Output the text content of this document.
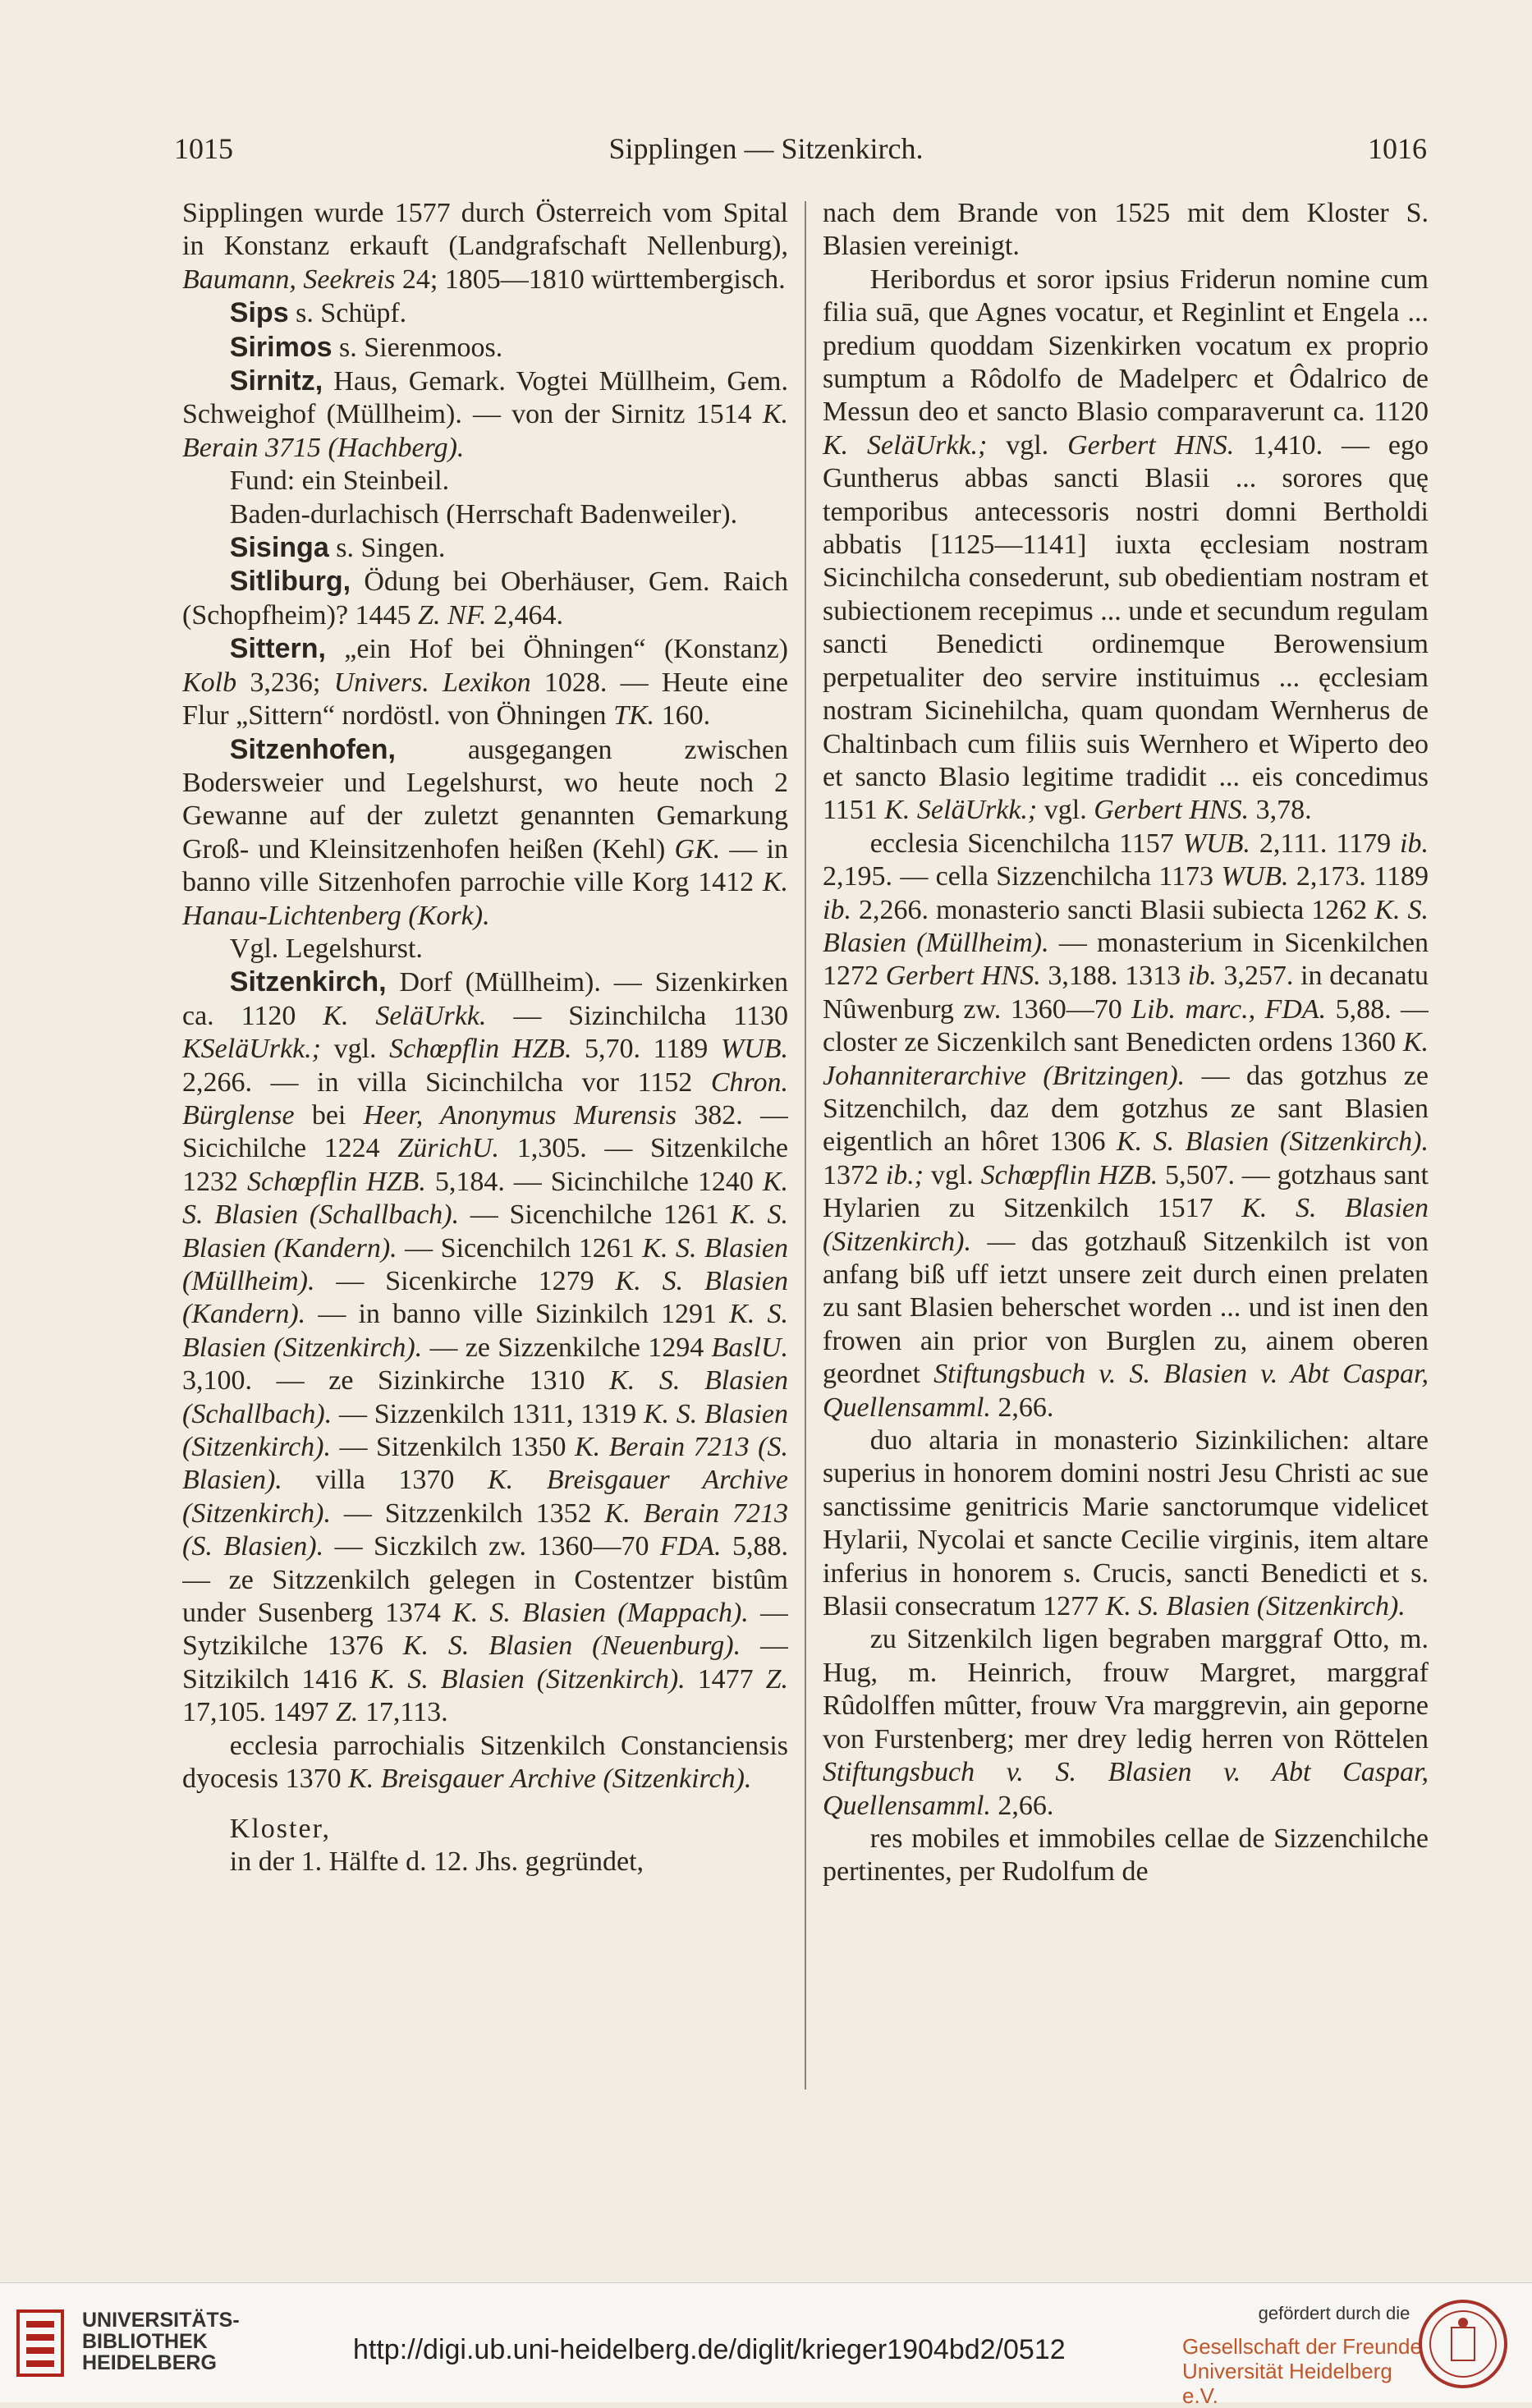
1015	Sipplingen — Sitzenkirch.	1016

Sipplingen wurde 1577 durch Österreich vom Spital in Konstanz erkauft (Landgrafschaft Nellenburg), Baumann, Seekreis 24; 1805—1810 württembergisch.

Sips s. Schüpf.

Sirimos s. Sierenmoos.

Sirnitz, Haus, Gemark. Vogtei Müllheim, Gem. Schweighof (Müllheim). — von der Sirnitz 1514 K. Berain 3715 (Hachberg).

Fund: ein Steinbeil.

Baden-durlachisch (Herrschaft Badenweiler).

Sisinga s. Singen.

Sitliburg, Ödung bei Oberhäuser, Gem. Raich (Schopfheim)? 1445 Z. NF. 2,464.

Sittern, „ein Hof bei Öhningen“ (Konstanz) Kolb 3,236; Univers. Lexikon 1028. — Heute eine Flur „Sittern“ nordöstl. von Öhningen TK. 160.

Sitzenhofen, ausgegangen zwischen Bodersweier und Legelshurst, wo heute noch 2 Gewanne auf der zuletzt genannten Gemarkung Groß- und Kleinsitzenhofen heißen (Kehl) GK. — in banno ville Sitzenhofen parrochie ville Korg 1412 K. Hanau-Lichtenberg (Kork).

Vgl. Legelshurst.

Sitzenkirch, Dorf (Müllheim). — Sizenkirken ca. 1120 K. SeläUrkk. — Sizinchilcha 1130 KSeläUrkk.; vgl. Schœpflin HZB. 5,70. 1189 WUB. 2,266. — in villa Sicinchilcha vor 1152 Chron. Bürglense bei Heer, Anonymus Murensis 382. — Sicichilche 1224 ZürichU. 1,305. — Sitzenkilche 1232 Schœpflin HZB. 5,184. — Sicinchilche 1240 K. S. Blasien (Schallbach). — Sicenchilche 1261 K. S. Blasien (Kandern). — Sicenchilch 1261 K. S. Blasien (Müllheim). — Sicenkirche 1279 K. S. Blasien (Kandern). — in banno ville Sizinkilch 1291 K. S. Blasien (Sitzenkirch). — ze Sizzenkilche 1294 BaslU. 3,100. — ze Sizinkirche 1310 K. S. Blasien (Schallbach). — Sizzenkilch 1311, 1319 K. S. Blasien (Sitzenkirch). — Sitzenkilch 1350 K. Berain 7213 (S. Blasien). villa 1370 K. Breisgauer Archive (Sitzenkirch). — Sitzzenkilch 1352 K. Berain 7213 (S. Blasien). — Siczkilch zw. 1360—70 FDA. 5,88. — ze Sitzzenkilch gelegen in Costentzer bistûm under Susenberg 1374 K. S. Blasien (Mappach). — Sytzikilche 1376 K. S. Blasien (Neuenburg). — Sitzikilch 1416 K. S. Blasien (Sitzenkirch). 1477 Z. 17,105. 1497 Z. 17,113.

ecclesia parrochialis Sitzenkilch Constanciensis dyocesis 1370 K. Breisgauer Archive (Sitzenkirch).

Kloster,

in der 1. Hälfte d. 12. Jhs. gegründet,

nach dem Brande von 1525 mit dem Kloster S. Blasien vereinigt.

Heribordus et soror ipsius Friderun nomine cum filia suā, que Agnes vocatur, et Reginlint et Engela ... predium quoddam Sizenkirken vocatum ex proprio sumptum a Rôdolfo de Madelperc et Ôdalrico de Messun deo et sancto Blasio comparaverunt ca. 1120 K. SeläUrkk.; vgl. Gerbert HNS. 1,410. — ego Guntherus abbas sancti Blasii ... sorores quę temporibus antecessoris nostri domni Bertholdi abbatis [1125—1141] iuxta ęcclesiam nostram Sicinchilcha consederunt, sub obedientiam nostram et subiectionem recepimus ... unde et secundum regulam sancti Benedicti ordinemque Berowensium perpetualiter deo servire instituimus ... ęcclesiam nostram Sicinehilcha, quam quondam Wernherus de Chaltinbach cum filiis suis Wernhero et Wiperto deo et sancto Blasio legitime tradidit ... eis concedimus 1151 K. SeläUrkk.; vgl. Gerbert HNS. 3,78.

ecclesia Sicenchilcha 1157 WUB. 2,111. 1179 ib. 2,195. — cella Sizzenchilcha 1173 WUB. 2,173. 1189 ib. 2,266. monasterio sancti Blasii subiecta 1262 K. S. Blasien (Müllheim). — monasterium in Sicenkilchen 1272 Gerbert HNS. 3,188. 1313 ib. 3,257. in decanatu Nûwenburg zw. 1360—70 Lib. marc., FDA. 5,88. — closter ze Siczenkilch sant Benedicten ordens 1360 K. Johanniterarchive (Britzingen). — das gotzhus ze Sitzenchilch, daz dem gotzhus ze sant Blasien eigentlich an hôret 1306 K. S. Blasien (Sitzenkirch). 1372 ib.; vgl. Schœpflin HZB. 5,507. — gotzhaus sant Hylarien zu Sitzenkilch 1517 K. S. Blasien (Sitzenkirch). — das gotzhauß Sitzenkilch ist von anfang biß uff ietzt unsere zeit durch einen prelaten zu sant Blasien beherschet worden ... und ist inen den frowen ain prior von Burglen zu, ainem oberen geordnet Stiftungsbuch v. S. Blasien v. Abt Caspar, Quellensamml. 2,66.

duo altaria in monasterio Sizinkilichen: altare superius in honorem domini nostri Jesu Christi ac sue sanctissime genitricis Marie sanctorumque videlicet Hylarii, Nycolai et sancte Cecilie virginis, item altare inferius in honorem s. Crucis, sancti Benedicti et s. Blasii consecratum 1277 K. S. Blasien (Sitzenkirch).

zu Sitzenkilch ligen begraben marggraf Otto, m. Hug, m. Heinrich, frouw Margret, marggraf Rûdolffen mûtter, frouw Vra marggrevin, ain geporne von Furstenberg; mer drey ledig herren von Röttelen Stiftungsbuch v. S. Blasien v. Abt Caspar, Quellensamml. 2,66.

res mobiles et immobiles cellae de Sizzenchilche pertinentes, per Rudolfum de

UNIVERSITÄTS-
BIBLIOTHEK
HEIDELBERG	http://digi.ub.uni-heidelberg.de/diglit/krieger1904bd2/0512
gefördert durch die
Gesellschaft der Freunde
Universität Heidelberg e.V.
